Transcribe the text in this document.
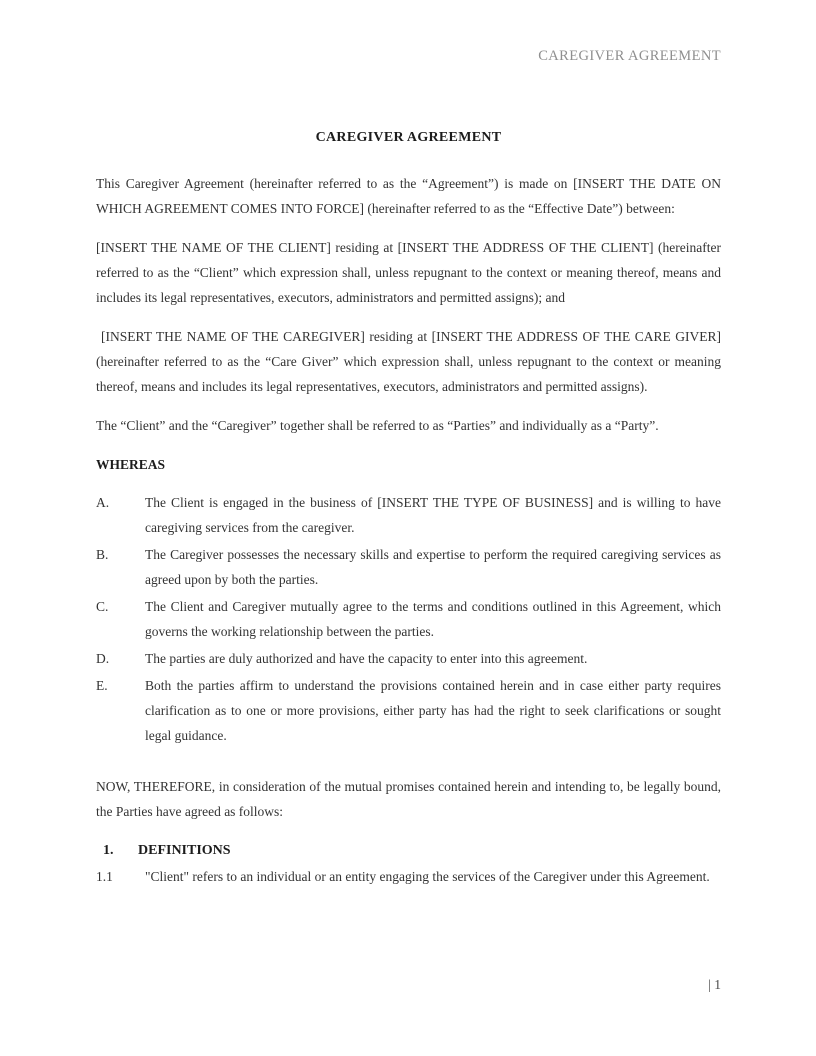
CAREGIVER AGREEMENT
CAREGIVER AGREEMENT

This Caregiver Agreement (hereinafter referred to as the “Agreement”) is made on [INSERT THE DATE ON WHICH AGREEMENT COMES INTO FORCE] (hereinafter referred to as the “Effective Date”) between:

[INSERT THE NAME OF THE CLIENT] residing at [INSERT THE ADDRESS OF THE CLIENT] (hereinafter referred to as the “Client” which expression shall, unless repugnant to the context or meaning thereof, means and includes its legal representatives, executors, administrators and permitted assigns); and

[INSERT THE NAME OF THE CAREGIVER] residing at [INSERT THE ADDRESS OF THE CARE GIVER] (hereinafter referred to as the “Care Giver” which expression shall, unless repugnant to the context or meaning thereof, means and includes its legal representatives, executors, administrators and permitted assigns).

The “Client” and the “Caregiver” together shall be referred to as “Parties” and individually as a “Party”.

WHEREAS
A.	The Client is engaged in the business of [INSERT THE TYPE OF BUSINESS] and is willing to have caregiving services from the caregiver.
B.	The Caregiver possesses the necessary skills and expertise to perform the required caregiving services as agreed upon by both the parties.
C.	The Client and Caregiver mutually agree to the terms and conditions outlined in this Agreement, which governs the working relationship between the parties.
D.	The parties are duly authorized and have the capacity to enter into this agreement.
E.	Both the parties affirm to understand the provisions contained herein and in case either party requires clarification as to one or more provisions, either party has had the right to seek clarifications or sought legal guidance.

NOW, THEREFORE, in consideration of the mutual promises contained herein and intending to, be legally bound, the Parties have agreed as follows:

1.	DEFINITIONS
1.1	"Client" refers to an individual or an entity engaging the services of the Caregiver under this Agreement.
| 1
